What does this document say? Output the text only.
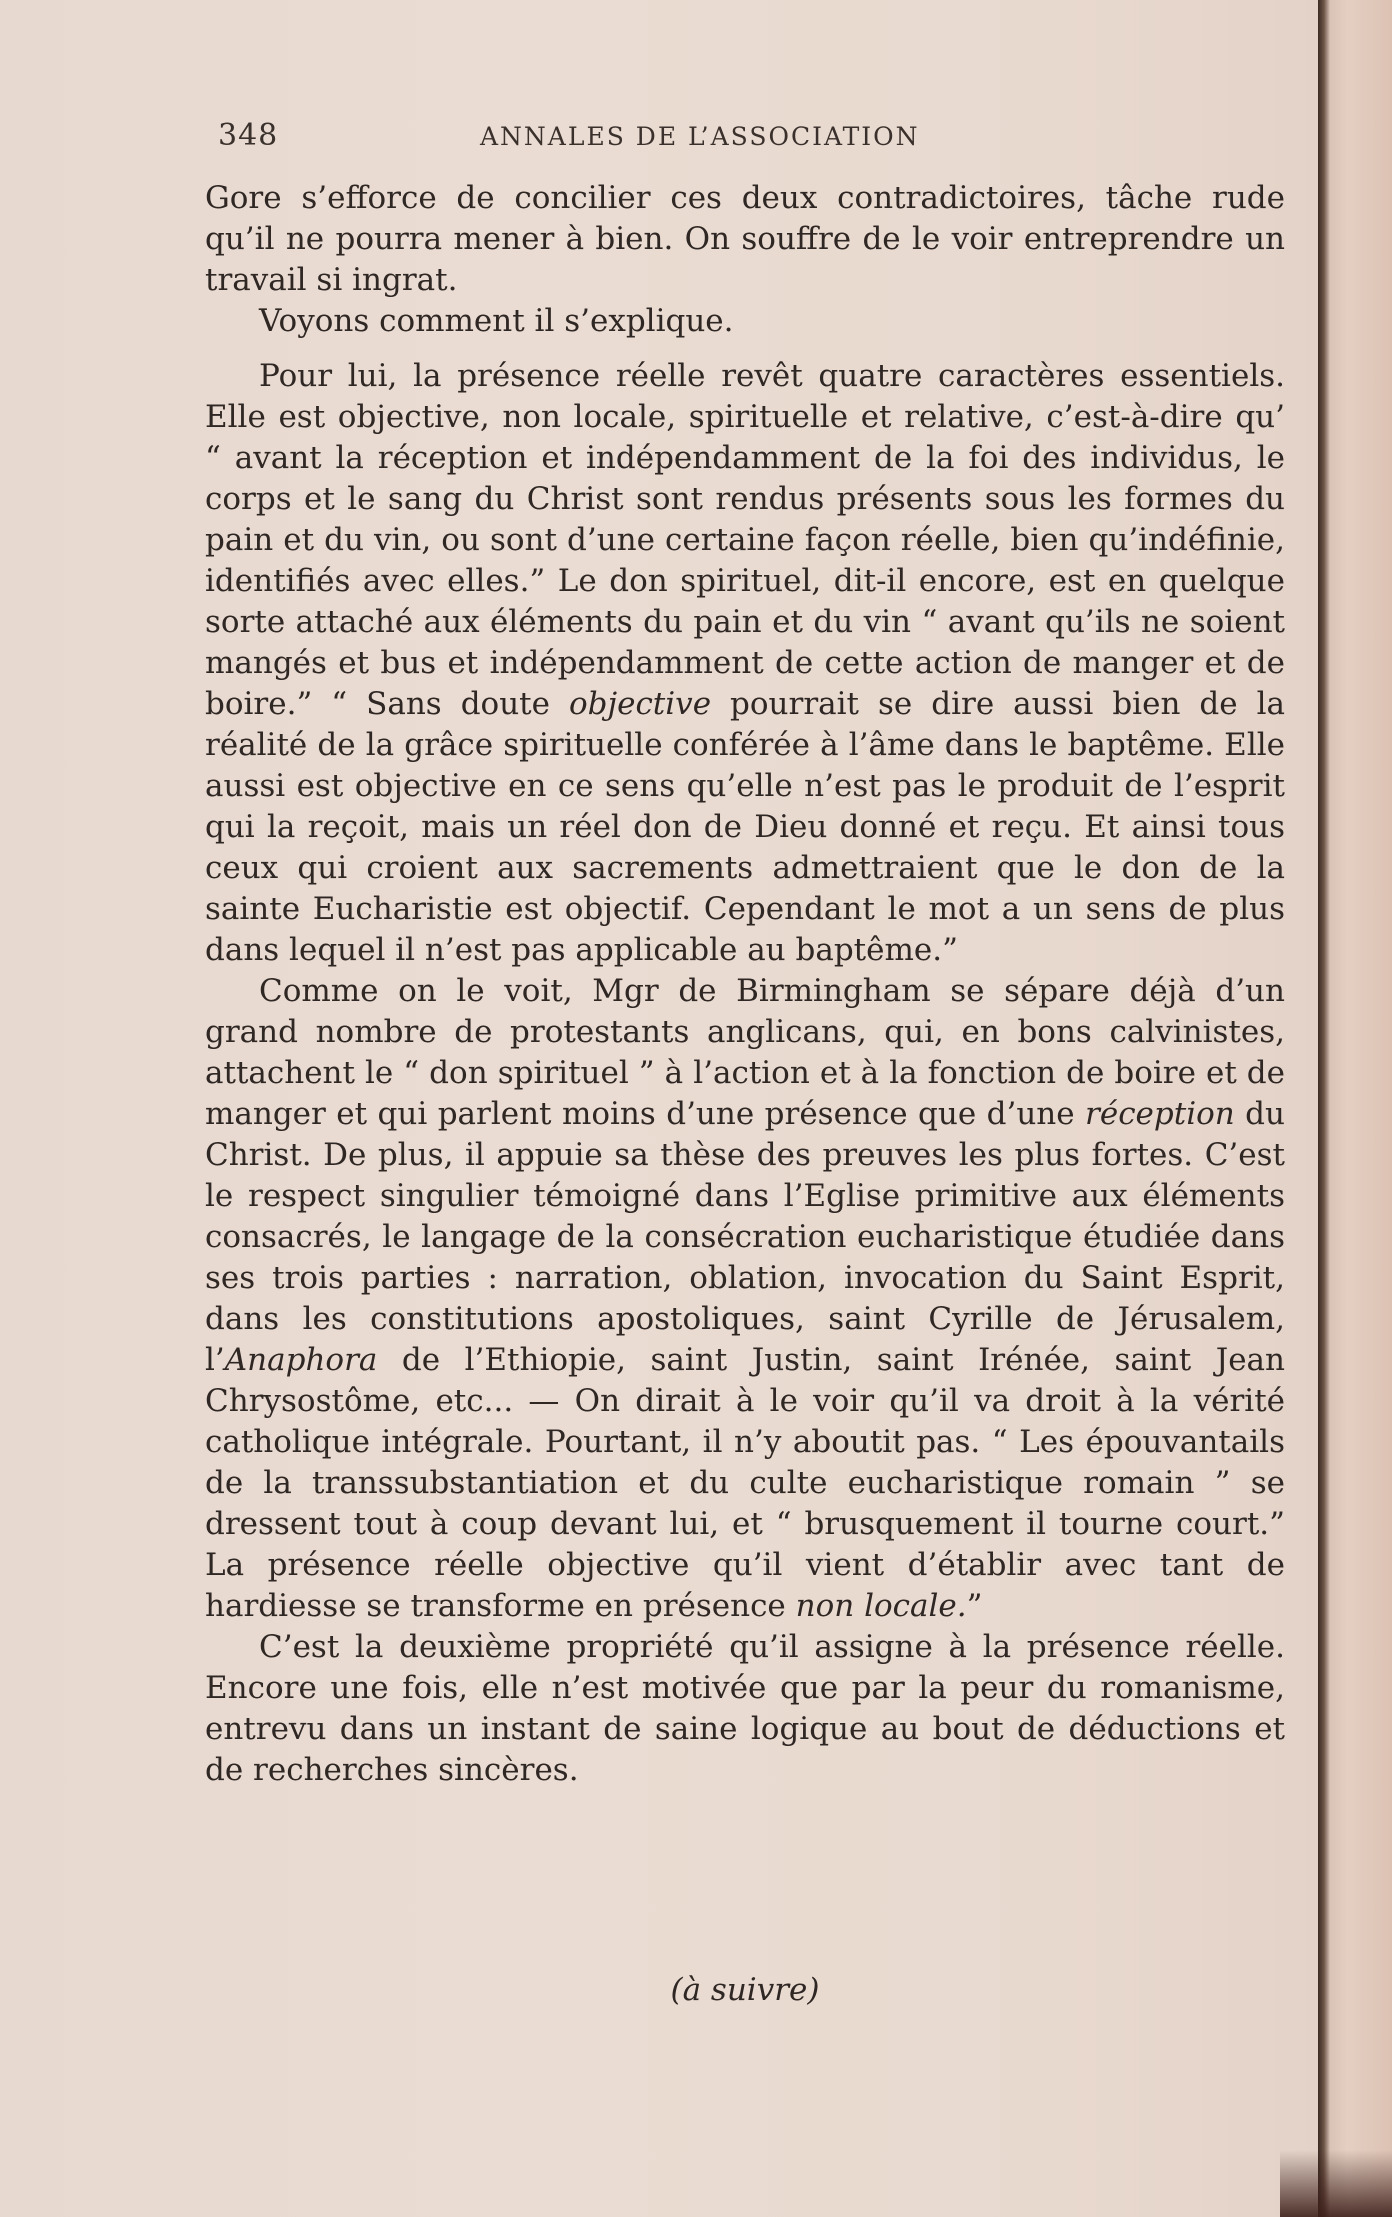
348	ANNALES DE L’ASSOCIATION

Gore s’efforce de concilier ces deux contradictoires, tâche rude qu’il ne pourra mener à bien. On souffre de le voir entreprendre un travail si ingrat.

Voyons comment il s’explique.

Pour lui, la présence réelle revêt quatre caractères essentiels. Elle est objective, non locale, spirituelle et relative, c’est-à-dire qu’ “ avant la réception et indépendamment de la foi des individus, le corps et le sang du Christ sont rendus présents sous les formes du pain et du vin, ou sont d’une certaine façon réelle, bien qu’indéfinie, identifiés avec elles.” Le don spirituel, dit-il encore, est en quelque sorte attaché aux éléments du pain et du vin “ avant qu’ils ne soient mangés et bus et indépendamment de cette action de manger et de boire.” “ Sans doute objective pourrait se dire aussi bien de la réalité de la grâce spirituelle conférée à l’âme dans le baptême. Elle aussi est objective en ce sens qu’elle n’est pas le produit de l’esprit qui la reçoit, mais un réel don de Dieu donné et reçu. Et ainsi tous ceux qui croient aux sacrements admettraient que le don de la sainte Eucharistie est objectif. Cependant le mot a un sens de plus dans lequel il n’est pas applicable au baptême.”

Comme on le voit, Mgr de Birmingham se sépare déjà d’un grand nombre de protestants anglicans, qui, en bons calvinistes, attachent le “ don spirituel ” à l’action et à la fonction de boire et de manger et qui parlent moins d’une présence que d’une réception du Christ. De plus, il appuie sa thèse des preuves les plus fortes. C’est le respect singulier témoigné dans l’Eglise primitive aux éléments consacrés, le langage de la consécration eucharistique étudiée dans ses trois parties : narration, oblation, invocation du Saint Esprit, dans les constitutions apostoliques, saint Cyrille de Jérusalem, l’Anaphora de l’Ethiopie, saint Justin, saint Irénée, saint Jean Chrysostôme, etc... — On dirait à le voir qu’il va droit à la vérité catholique intégrale. Pourtant, il n’y aboutit pas. “ Les épouvantails de la transsubstantiation et du culte eucharistique romain ” se dressent tout à coup devant lui, et “ brusquement il tourne court.” La présence réelle objective qu’il vient d’établir avec tant de hardiesse se transforme en présence non locale.”

C’est la deuxième propriété qu’il assigne à la présence réelle. Encore une fois, elle n’est motivée que par la peur du romanisme, entrevu dans un instant de saine logique au bout de déductions et de recherches sincères.

(à suivre)
